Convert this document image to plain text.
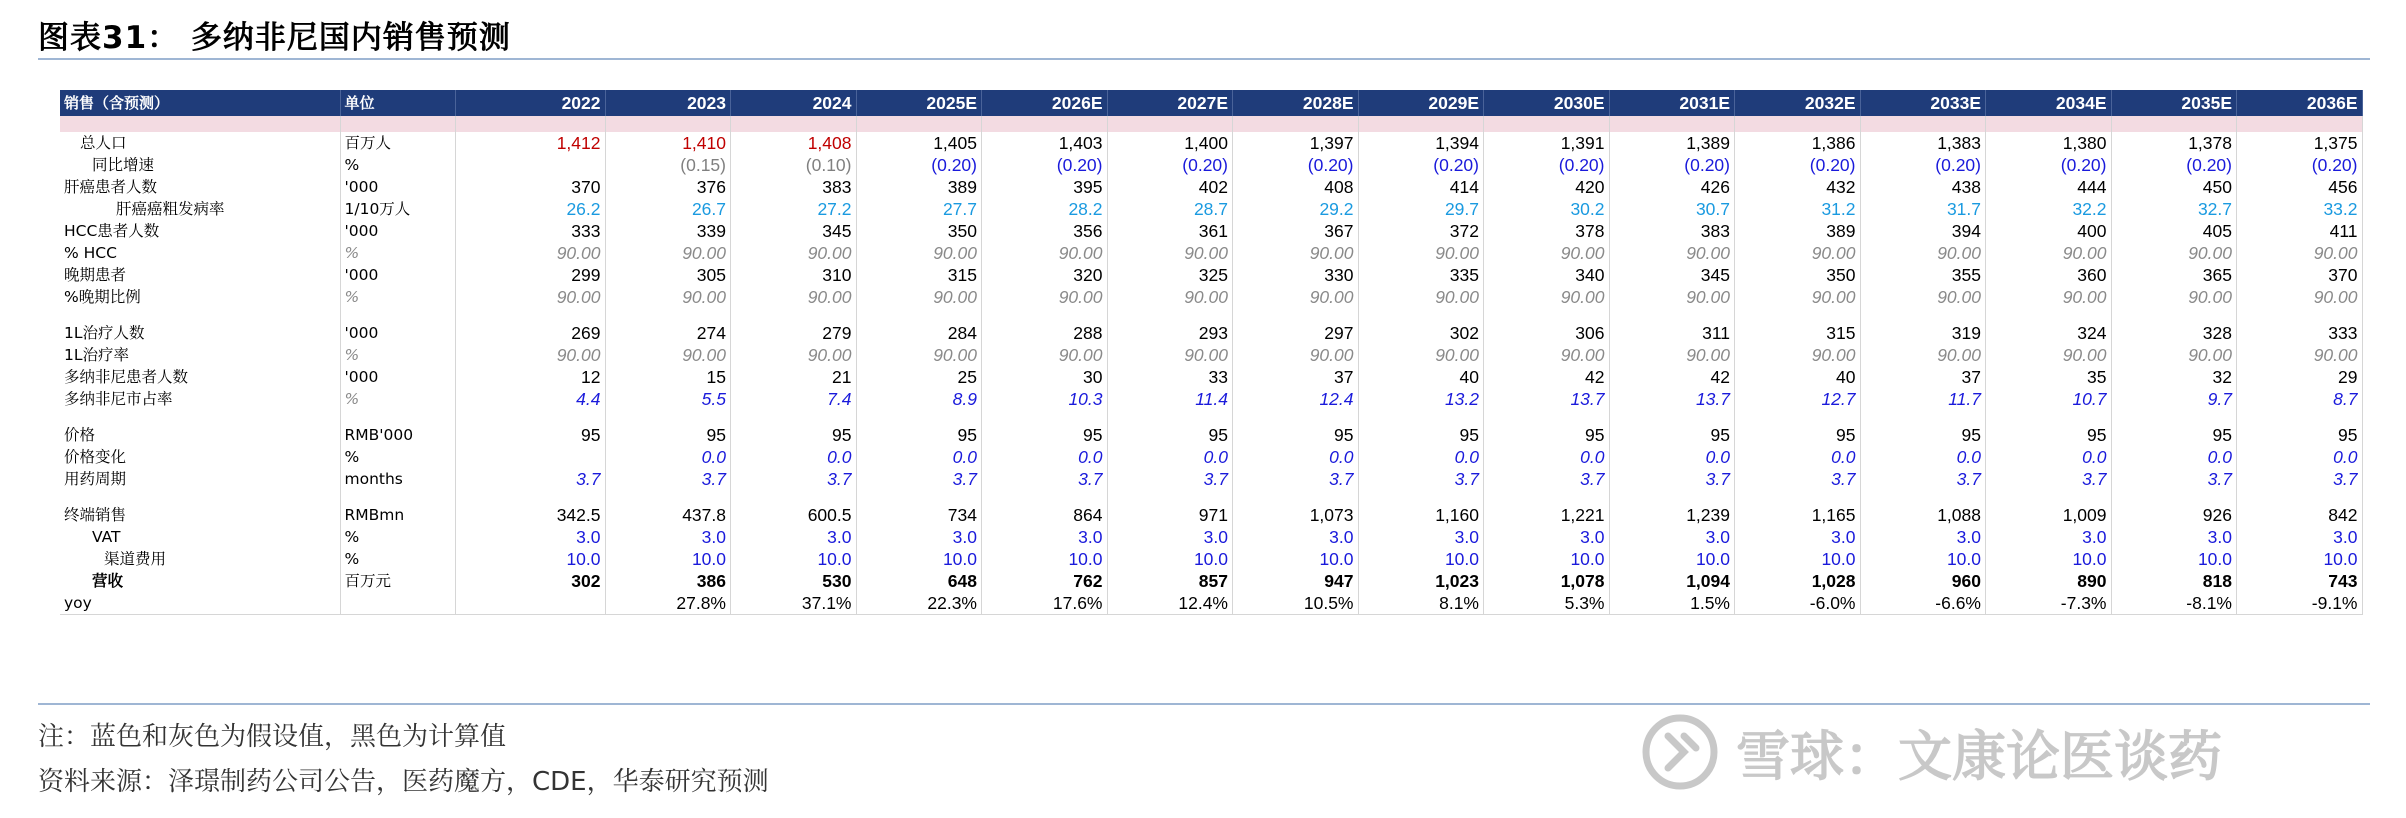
图表31： 多纳非尼国内销售预测
销售（含预测）	单位	2022	2023	2024	2025E	2026E	2027E	2028E	2029E	2030E	2031E	2032E	2033E	2034E	2035E	2036E

总人口	百万人	1,412	1,410	1,408	1,405	1,403	1,400	1,397	1,394	1,391	1,389	1,386	1,383	1,380	1,378	1,375
同比增速	%		(0.15)	(0.10)	(0.20)	(0.20)	(0.20)	(0.20)	(0.20)	(0.20)	(0.20)	(0.20)	(0.20)	(0.20)	(0.20)	(0.20)
肝癌患者人数	'000	370	376	383	389	395	402	408	414	420	426	432	438	444	450	456
肝癌癌粗发病率	1/10万人	26.2	26.7	27.2	27.7	28.2	28.7	29.2	29.7	30.2	30.7	31.2	31.7	32.2	32.7	33.2
HCC患者人数	'000	333	339	345	350	356	361	367	372	378	383	389	394	400	405	411
% HCC	%	90.00	90.00	90.00	90.00	90.00	90.00	90.00	90.00	90.00	90.00	90.00	90.00	90.00	90.00	90.00
晚期患者	'000	299	305	310	315	320	325	330	335	340	345	350	355	360	365	370
%晚期比例	%	90.00	90.00	90.00	90.00	90.00	90.00	90.00	90.00	90.00	90.00	90.00	90.00	90.00	90.00	90.00

1L治疗人数	'000	269	274	279	284	288	293	297	302	306	311	315	319	324	328	333
1L治疗率	%	90.00	90.00	90.00	90.00	90.00	90.00	90.00	90.00	90.00	90.00	90.00	90.00	90.00	90.00	90.00
多纳非尼患者人数	'000	12	15	21	25	30	33	37	40	42	42	40	37	35	32	29
多纳非尼市占率	%	4.4	5.5	7.4	8.9	10.3	11.4	12.4	13.2	13.7	13.7	12.7	11.7	10.7	9.7	8.7

价格	RMB'000	95	95	95	95	95	95	95	95	95	95	95	95	95	95	95
价格变化	%		0.0	0.0	0.0	0.0	0.0	0.0	0.0	0.0	0.0	0.0	0.0	0.0	0.0	0.0
用药周期	months	3.7	3.7	3.7	3.7	3.7	3.7	3.7	3.7	3.7	3.7	3.7	3.7	3.7	3.7	3.7

终端销售	RMBmn	342.5	437.8	600.5	734	864	971	1,073	1,160	1,221	1,239	1,165	1,088	1,009	926	842
VAT	%	3.0	3.0	3.0	3.0	3.0	3.0	3.0	3.0	3.0	3.0	3.0	3.0	3.0	3.0	3.0
渠道费用	%	10.0	10.0	10.0	10.0	10.0	10.0	10.0	10.0	10.0	10.0	10.0	10.0	10.0	10.0	10.0
营收	百万元	302	386	530	648	762	857	947	1,023	1,078	1,094	1,028	960	890	818	743
yoy			27.8%	37.1%	22.3%	17.6%	12.4%	10.5%	8.1%	5.3%	1.5%	-6.0%	-6.6%	-7.3%	-8.1%	-9.1%
注：蓝色和灰色为假设值，黑色为计算值
资料来源：泽璟制药公司公告，医药魔方，CDE，华泰研究预测	雪球：文康论医谈药
